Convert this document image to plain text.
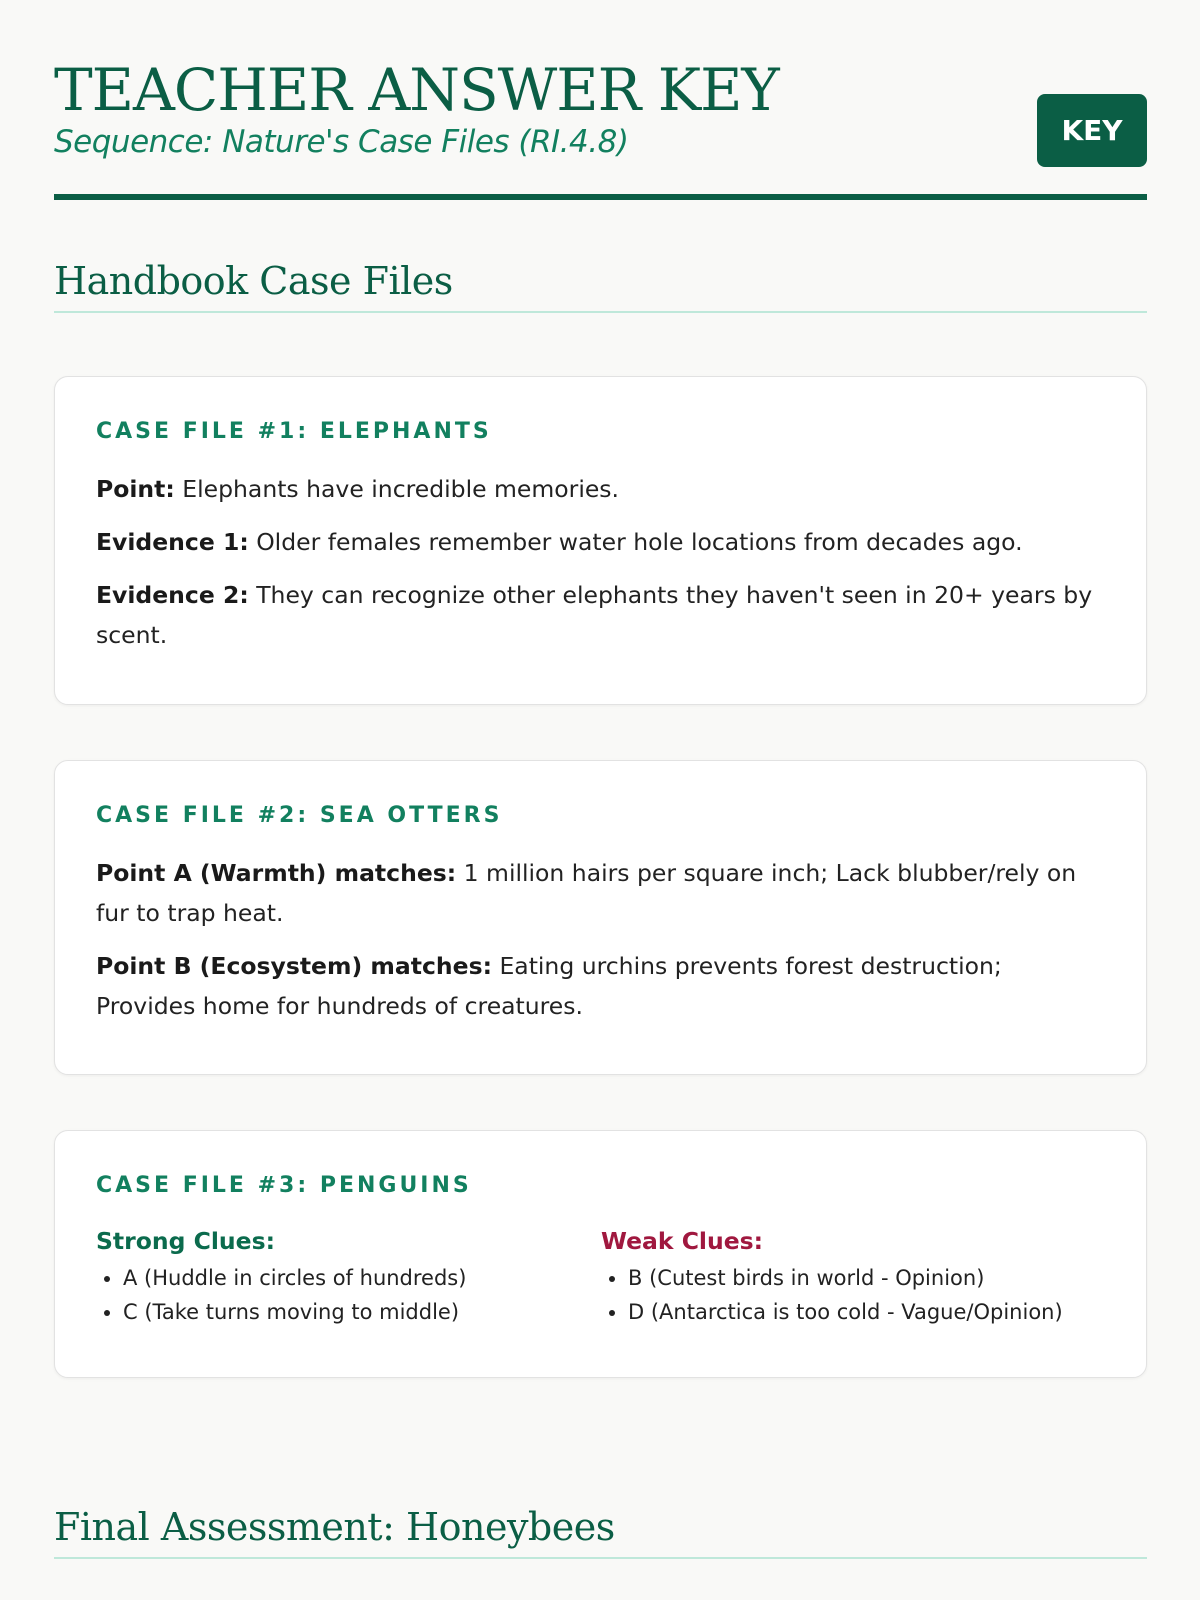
TEACHER ANSWER KEY
Sequence: Nature's Case Files (RI.4.8)	KEY
Handbook Case Files
CASE FILE #1: ELEPHANTS

Point: Elephants have incredible memories.

Evidence 1: Older females remember water hole locations from decades ago.

Evidence 2: They can recognize other elephants they haven't seen in 20+ years by scent.

CASE FILE #2: SEA OTTERS

Point A (Warmth) matches: 1 million hairs per square inch; Lack blubber/rely on fur to trap heat.

Point B (Ecosystem) matches: Eating urchins prevents forest destruction; Provides home for hundreds of creatures.

CASE FILE #3: PENGUINS
Strong Clues:
• A (Huddle in circles of hundreds)
• C (Take turns moving to middle)
Weak Clues:
• B (Cutest birds in world - Opinion)
• D (Antarctica is too cold - Vague/Opinion)
Final Assessment: Honeybees
